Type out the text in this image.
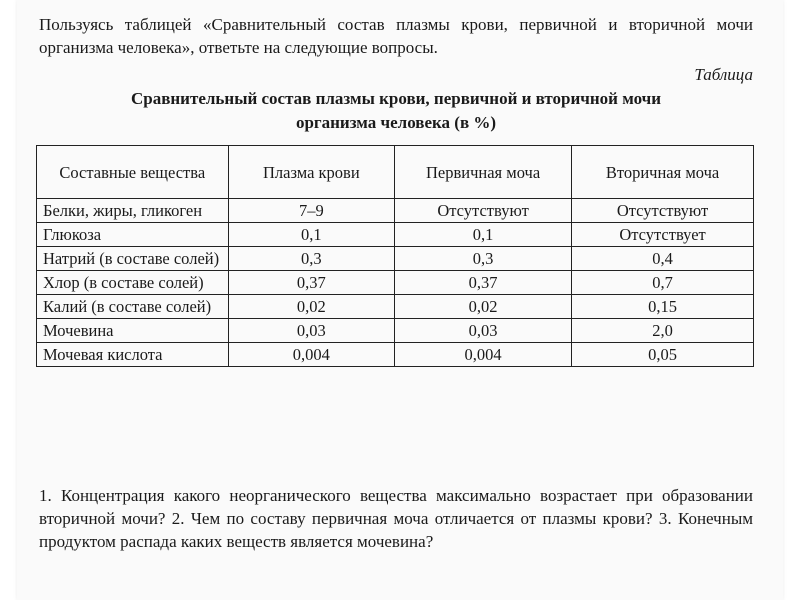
Пользуясь таблицей «Сравнительный состав плазмы крови, первичной и вторичной мочи организма человека», ответьте на следующие вопросы.
Таблица
Сравнительный состав плазмы крови, первичной и вторичной мочи
организма человека (в %)
Составные вещества	Плазма крови	Первичная моча	Вторичная моча
Белки, жиры, гликоген	7–9	Отсутствуют	Отсутствуют
Глюкоза	0,1	0,1	Отсутствует
Натрий (в составе солей)	0,3	0,3	0,4
Хлор (в составе солей)	0,37	0,37	0,7
Калий (в составе солей)	0,02	0,02	0,15
Мочевина	0,03	0,03	2,0
Мочевая кислота	0,004	0,004	0,05
1. Концентрация какого неорганического вещества максимально возрастает при образовании вторичной мочи? 2. Чем по составу первичная моча отличается от плазмы крови? 3. Конечным продуктом распада каких веществ является мочевина?
